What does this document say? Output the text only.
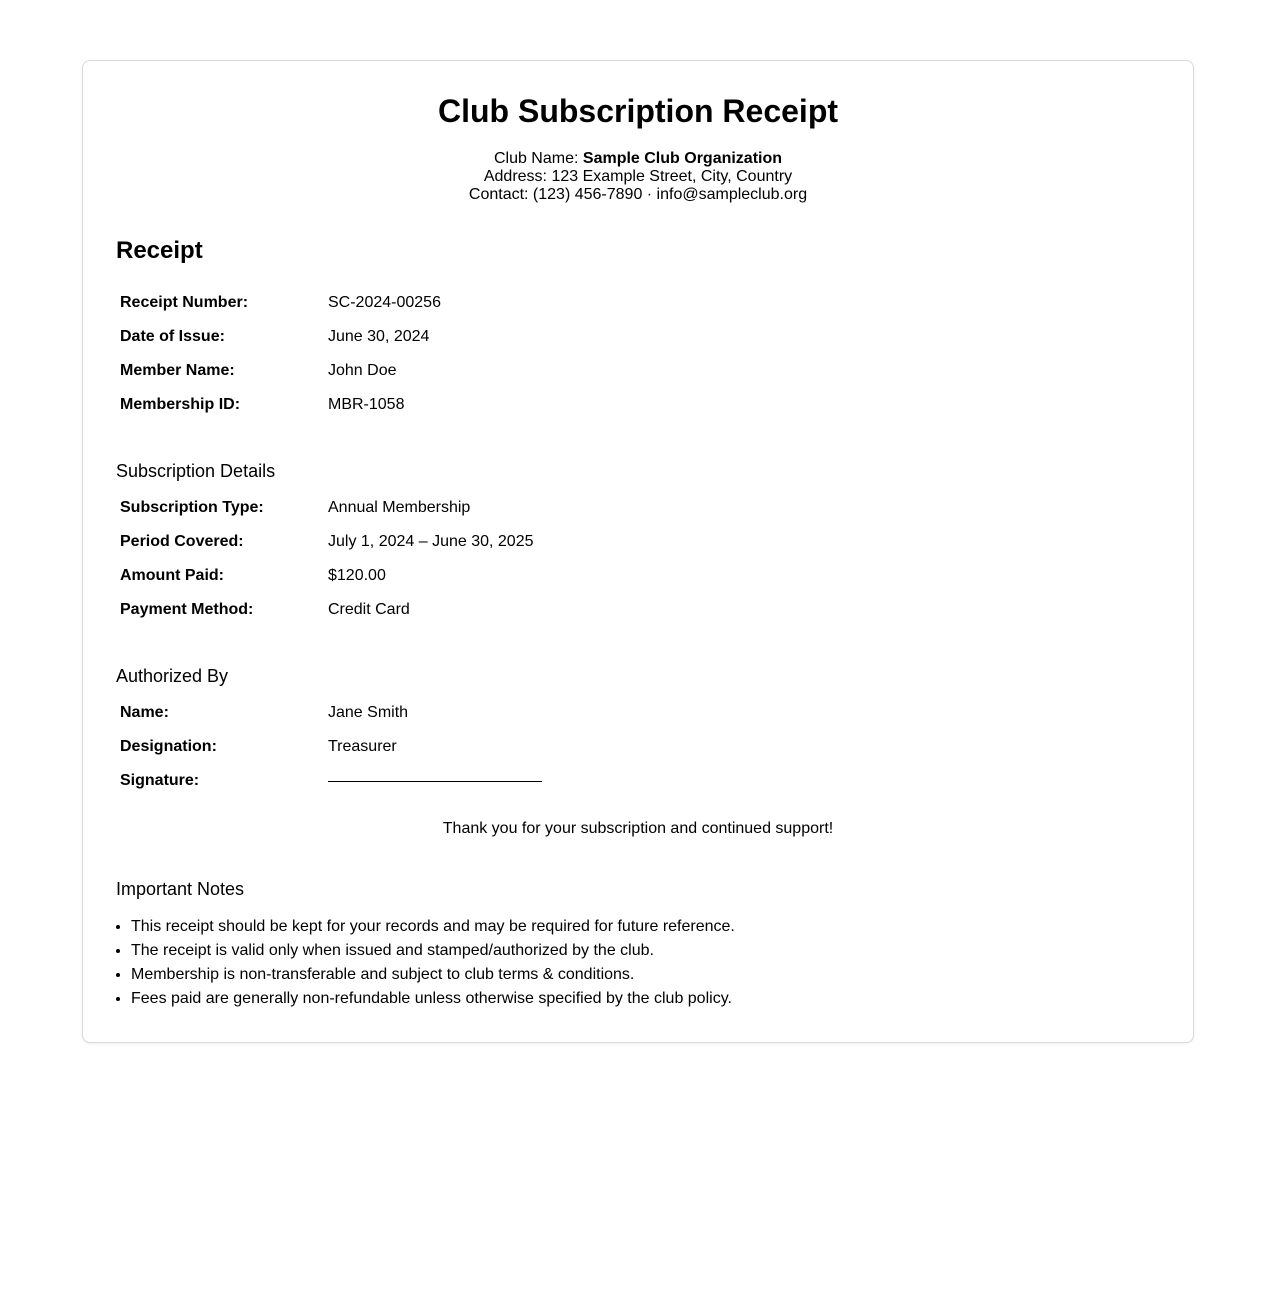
Club Subscription Receipt
Club Name: Sample Club Organization
Address: 123 Example Street, City, Country
Contact: (123) 456-7890 · info@sampleclub.org
Receipt
Receipt Number:	SC-2024-00256
Date of Issue:	June 30, 2024
Member Name:	John Doe
Membership ID:	MBR-1058
Subscription Details
Subscription Type:	Annual Membership
Period Covered:	July 1, 2024 – June 30, 2025
Amount Paid:	$120.00
Payment Method:	Credit Card
Authorized By
Name:	Jane Smith
Designation:	Treasurer
Signature:
Thank you for your subscription and continued support!
Important Notes
• This receipt should be kept for your records and may be required for future reference.
• The receipt is valid only when issued and stamped/authorized by the club.
• Membership is non-transferable and subject to club terms & conditions.
• Fees paid are generally non-refundable unless otherwise specified by the club policy.
